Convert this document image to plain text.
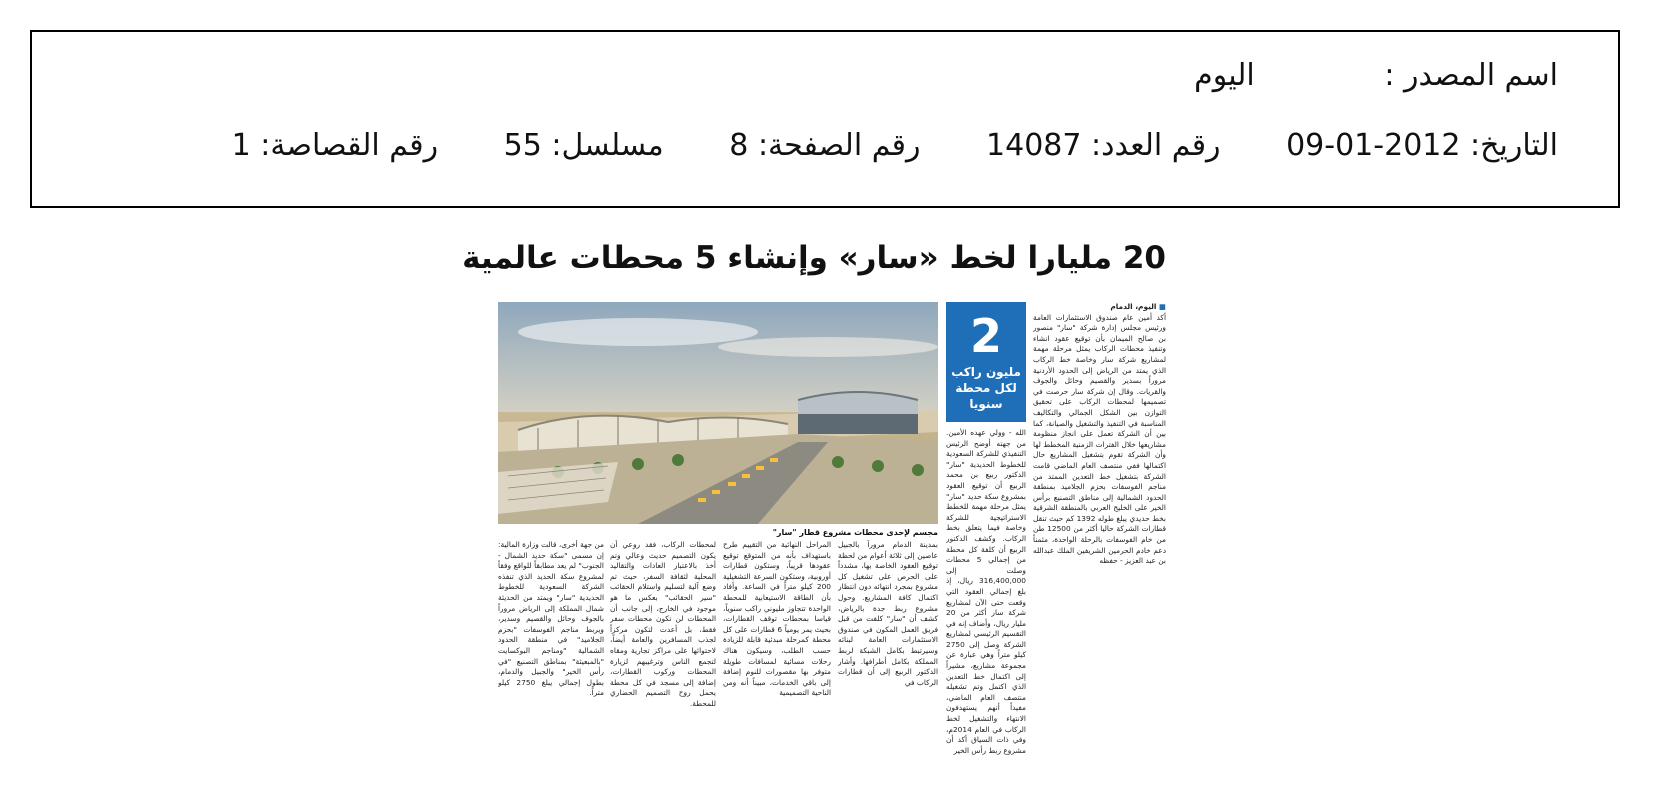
اسم المصدر : اليوم
التاريخ: 2012-01-09 رقم العدد: 14087 رقم الصفحة: 8 مسلسل: 55 رقم القصاصة: 1
20 مليارا لخط «سار» وإنشاء 5 محطات عالمية
مجسم لإحدى محطات مشروع قطار "سار"
2
مليون راكب لكل محطة سنويا
■ اليوم، الدمام
أكد أمين عام صندوق الاستثمارات العامة ورئيس مجلس إدارة شركة "سار" منصور بن صالح الميمان بأن توقيع عقود انشاء وتنفيذ محطات الركاب يمثل مرحلة مهمة لمشاريع شركة سار وخاصة خط الركاب الذي يمتد من الرياض إلى الحدود الأردنية مروراً بسدير والقصيم وحائل والجوف والقريات. وقال إن شركة سار حرصت في تصميمها لمحطات الركاب على تحقيق التوازن بين الشكل الجمالي والتكاليف المناسبة في التنفيذ والتشغيل والصيانة، كما بين أن الشركة تعمل على انجاز منظومة مشاريعها خلال الفترات الزمنية المخطط لها وأن الشركة تقوم بتشغيل المشاريع حال اكتمالها ففي منتصف العام الماضي قامت الشركة بتشغيل خط التعدين الممتد من مناجم الفوسفات بحزم الجلاميد بمنطقة الحدود الشمالية إلى مناطق التصنيع برأس الخير على الخليج العربي بالمنطقة الشرقية بخط حديدي يبلغ طوله 1392 كم حيث تنقل قطارات الشركة حاليا أكثر من 12500 طن من خام الفوسفات بالرحلة الواحدة، مثمناً دعم خادم الحرمين الشريفين الملك عبدالله بن عبد العزيز - حفظه
الله - وولي عهده الأمين. من جهته أوضح الرئيس التنفيذي للشركة السعودية للخطوط الحديدية "سار" الدكتور ربيع بن محمد الربيع أن توقيع العقود بمشروع سكة حديد "سار" يمثل مرحلة مهمة للخطط الاستراتيجية للشركة وخاصة فيما يتعلق بخط الركاب. وكشف الدكتور الربيع أن كلفة كل محطة من إجمالي 5 محطات وصلت إلى 316,400,000 ريال، إذ بلغ إجمالي العقود التي وقعت حتى الآن لمشاريع شركة سار أكثر من 20 مليار ريال، وأضاف إنه في التقسيم الرئيسي لمشاريع الشركة وصل إلى 2750 كيلو متراً وهي عبارة عن مجموعة مشاريع، مشيراً إلى اكتمال خط التعدين الذي اكتمل وتم تشغيله منتصف العام الماضي، مفيداً أنهم يستهدفون الانتهاء والتشغيل لخط الركاب في العام 2014م، وفي ذات السياق أكد أن مشروع ربط رأس الخير
بمدينة الدمام مروراً بالجبيل عاصين إلى ثلاثة أعوام من لحظة توقيع العقود الخاصة بها، مشدداً على الحرص على تشغيل كل مشروع بمجرد انتهائه دون انتظار اكتمال كافة المشاريع. وحول مشروع ربط جدة بالرياض، كشف أن "سار" كلفت من قبل فريق العمل المكون في صندوق الاستثمارات العامة لبنائه وسيرتبط بكامل الشبكة لربط المملكة بكامل أطرافها. وأشار الدكتور الربيع إلى أن قطارات الركاب في
المراحل النهائية من التقييم طرح باستهداف بأنه من المتوقع توقيع عقودها قريباً، وستكون قطارات أوروبية، وستكون السرعة التشغيلية 200 كيلو متراً في الساعة. وأفاد بأن الطاقة الاستيعابية للمحطة الواحدة تتجاوز مليوني راكب سنوياً، قياسا بمحطات توقف القطارات، بحيث يمر يومياً 6 قطارات على كل محطة كمرحلة مبدئية قابلة للزيادة حسب الطلب، وسيكون هناك رحلات مسائية لمسافات طويلة متوفر بها مقصورات للنوم إضافة إلى باقي الخدمات، مبيناً أنه ومن الناحية التصميمية
لمحطات الركاب، فقد روعي أن يكون التصميم حديث وعالي وتم أخذ بالاعتبار العادات والتقاليد المحلية لثقافة السفر، حيث تم وضع آلية لتسليم واستلام الحقائب "سير الحقائب" بعكس ما هو موجود في الخارج، إلى جانب أن المحطات لن تكون محطات سفر فقط، بل أعدت لتكون مركزاً لجذب المسافرين والعامة أيضاً، لاحتوائها على مراكز تجارية ومقاه لتجمع الناس وترغيبهم لزيارة المحطات وركوب القطارات، إضافة إلى مسجد في كل محطة يحمل روح التصميم الحضاري للمحطة.
من جهة أخرى، قالت وزارة المالية: إن مسمى "سكة حديد الشمال - الجنوب" لم يعد مطابقاً للواقع وفقاً لمشروع سكة الحديد الذي تنفذه الشركة السعودية للخطوط الحديدية "سار" ويمتد من الحديثة شمال المملكة إلى الرياض مروراً بالجوف وحائل والقصيم وسدير، ويربط مناجم الفوسفات "بحزم الجلاميد" في منطقة الحدود الشمالية "ومناجم البوكسايت "بالمبعيثة" بمناطق التصنيع "في رأس الخير" والجبيل والدمام، بطول إجمالي يبلغ 2750 كيلو متراً.
